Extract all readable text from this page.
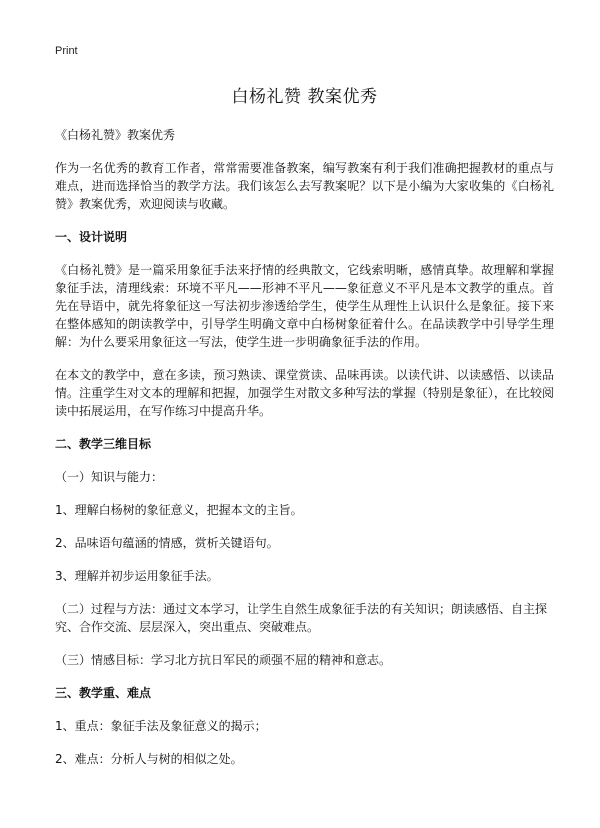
Print
白杨礼赞 教案优秀

《白杨礼赞》教案优秀

作为一名优秀的教育工作者，常常需要准备教案，编写教案有利于我们准确把握教材的重点与难点，进而选择恰当的教学方法。我们该怎么去写教案呢？以下是小编为大家收集的《白杨礼赞》教案优秀，欢迎阅读与收藏。

一、设计说明

《白杨礼赞》是一篇采用象征手法来抒情的经典散文，它线索明晰，感情真挚。故理解和掌握象征手法，清理线索：环境不平凡——形神不平凡——象征意义不平凡是本文教学的重点。首先在导语中，就先将象征这一写法初步渗透给学生，使学生从理性上认识什么是象征。接下来在整体感知的朗读教学中，引导学生明确文章中白杨树象征着什么。在品读教学中引导学生理解：为什么要采用象征这一写法，使学生进一步明确象征手法的作用。

在本文的教学中，意在多读，预习熟读、课堂赏读、品味再读。以读代讲、以读感悟、以读品情。注重学生对文本的理解和把握，加强学生对散文多种写法的掌握（特别是象征），在比较阅读中拓展运用，在写作练习中提高升华。

二、教学三维目标

（一）知识与能力：

1、理解白杨树的象征意义，把握本文的主旨。

2、品味语句蕴涵的情感，赏析关键语句。

3、理解并初步运用象征手法。

（二）过程与方法：通过文本学习，让学生自然生成象征手法的有关知识；朗读感悟、自主探究、合作交流、层层深入，突出重点、突破难点。

（三）情感目标：学习北方抗日军民的顽强不屈的精神和意志。

三、教学重、难点

1、重点：象征手法及象征意义的揭示；

2、难点：分析人与树的相似之处。
